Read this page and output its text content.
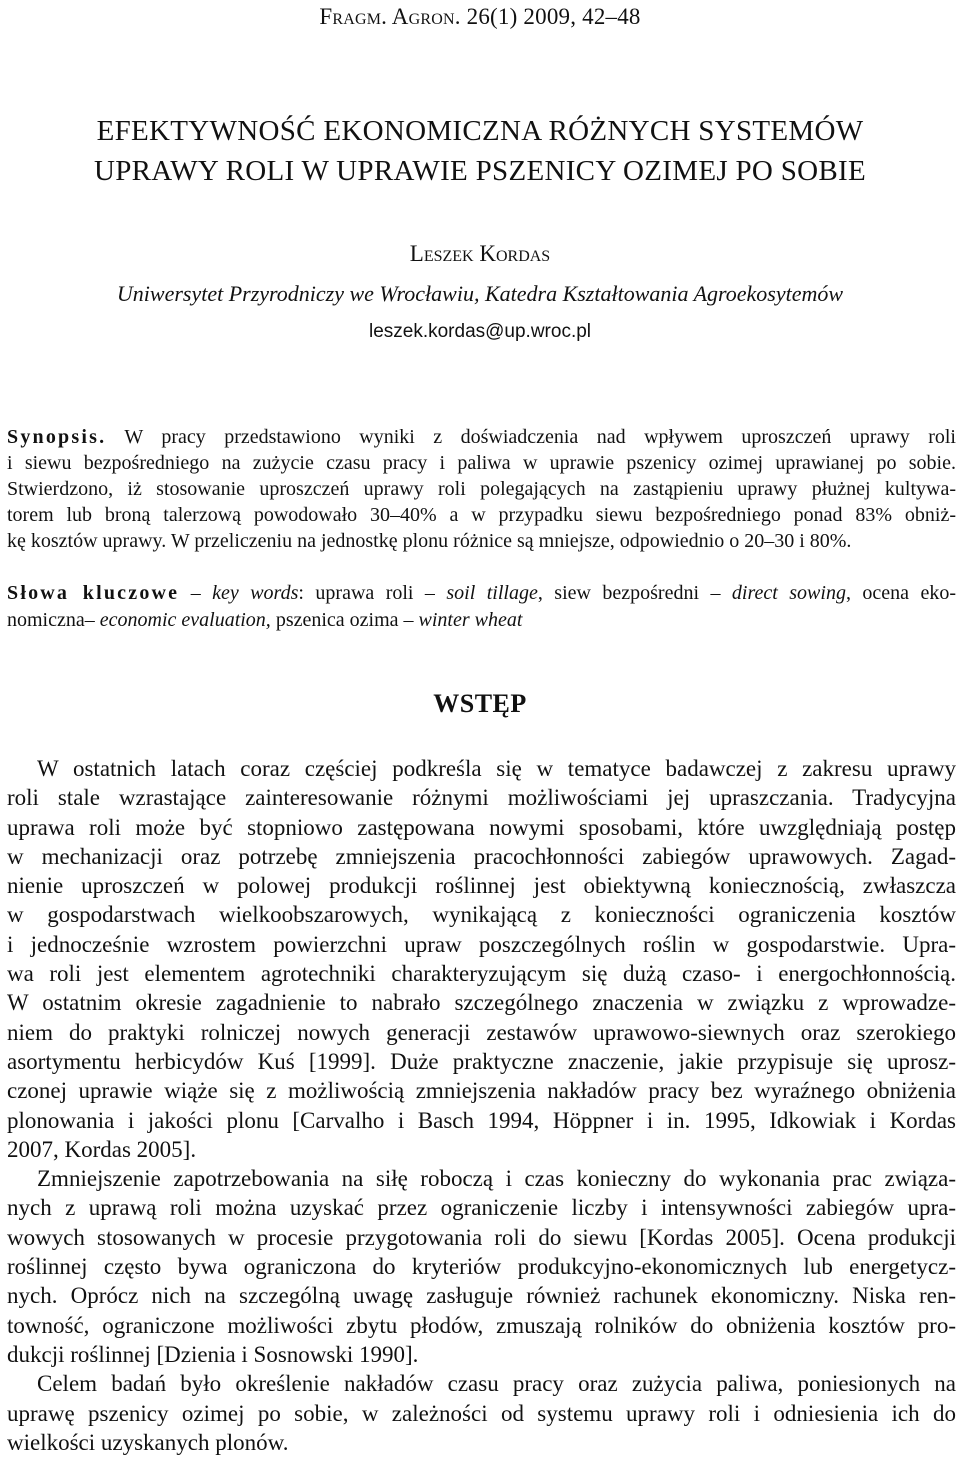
Fragm. Agron. 26(1) 2009, 42–48
EFEKTYWNOŚĆ EKONOMICZNA RÓŻNYCH SYSTEMÓW
UPRAWY ROLI W UPRAWIE PSZENICY OZIMEJ PO SOBIE
Leszek Kordas
Uniwersytet Przyrodniczy we Wrocławiu, Katedra Kształtowania Agroekosytemów
leszek.kordas@up.wroc.pl
Synopsis. W pracy przedstawiono wyniki z doświadczenia nad wpływem uproszczeń uprawy roli
i siewu bezpośredniego na zużycie czasu pracy i paliwa w uprawie pszenicy ozimej uprawianej po sobie.
Stwierdzono, iż stosowanie uproszczeń uprawy roli polegających na zastąpieniu uprawy płużnej kultywa-
torem lub broną talerzową powodowało 30–40% a w przypadku siewu bezpośredniego ponad 83% obniż-
kę kosztów uprawy. W przeliczeniu na jednostkę plonu różnice są mniejsze, odpowiednio o 20–30 i 80%.
Słowa kluczowe – key words: uprawa roli – soil tillage, siew bezpośredni – direct sowing, ocena eko-
nomiczna– economic evaluation, pszenica ozima – winter wheat
WSTĘP
W ostatnich latach coraz częściej podkreśla się w tematyce badawczej z zakresu uprawy
roli stale wzrastające zainteresowanie różnymi możliwościami jej upraszczania. Tradycyjna
uprawa roli może być stopniowo zastępowana nowymi sposobami, które uwzględniają postęp
w mechanizacji oraz potrzebę zmniejszenia pracochłonności zabiegów uprawowych. Zagad-
nienie uproszczeń w polowej produkcji roślinnej jest obiektywną koniecznością, zwłaszcza
w gospodarstwach wielkoobszarowych, wynikającą z konieczności ograniczenia kosztów
i jednocześnie wzrostem powierzchni upraw poszczególnych roślin w gospodarstwie. Upra-
wa roli jest elementem agrotechniki charakteryzującym się dużą czaso- i energochłonnością.
W ostatnim okresie zagadnienie to nabrało szczególnego znaczenia w związku z wprowadze-
niem do praktyki rolniczej nowych generacji zestawów uprawowo-siewnych oraz szerokiego
asortymentu herbicydów Kuś [1999]. Duże praktyczne znaczenie, jakie przypisuje się uprosz-
czonej uprawie wiąże się z możliwością zmniejszenia nakładów pracy bez wyraźnego obniżenia
plonowania i jakości plonu [Carvalho i Basch 1994, Höppner i in. 1995, Idkowiak i Kordas
2007, Kordas 2005].
Zmniejszenie zapotrzebowania na siłę roboczą i czas konieczny do wykonania prac związa-
nych z uprawą roli można uzyskać przez ograniczenie liczby i intensywności zabiegów upra-
wowych stosowanych w procesie przygotowania roli do siewu [Kordas 2005]. Ocena produkcji
roślinnej często bywa ograniczona do kryteriów produkcyjno-ekonomicznych lub energetycz-
nych. Oprócz nich na szczególną uwagę zasługuje również rachunek ekonomiczny. Niska ren-
towność, ograniczone możliwości zbytu płodów, zmuszają rolników do obniżenia kosztów pro-
dukcji roślinnej [Dzienia i Sosnowski 1990].
Celem badań było określenie nakładów czasu pracy oraz zużycia paliwa, poniesionych na
uprawę pszenicy ozimej po sobie, w zależności od systemu uprawy roli i odniesienia ich do
wielkości uzyskanych plonów.
